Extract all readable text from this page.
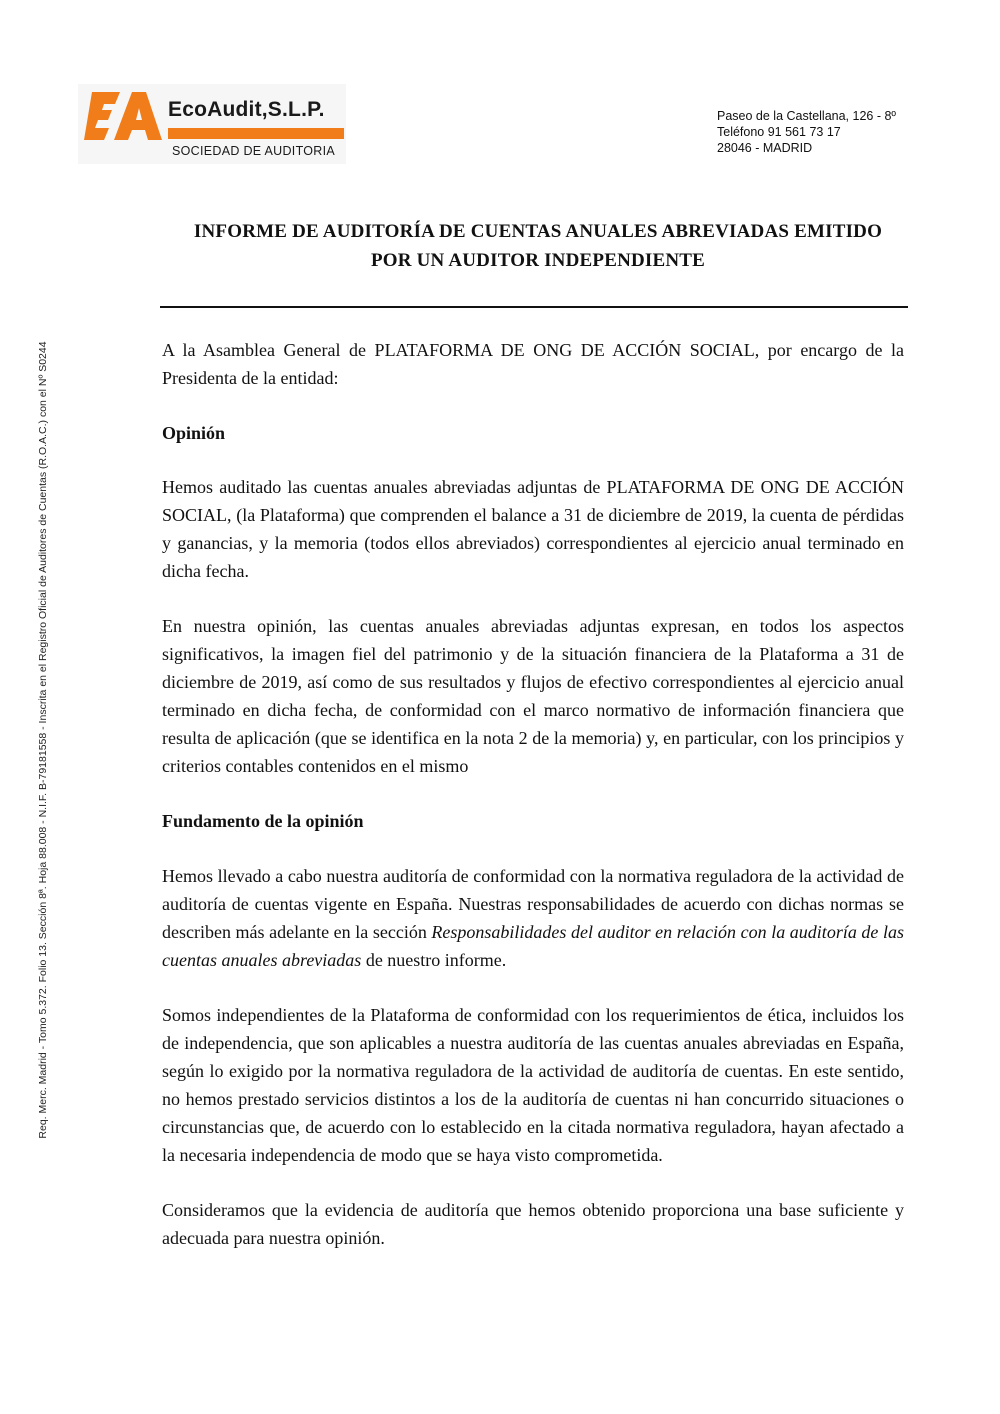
EcoAudit,S.L.P.
SOCIEDAD DE AUDITORIA
Paseo de la Castellana, 126 - 8º
Teléfono 91 561 73 17
28046 - MADRID
Req. Merc. Madrid - Tomo 5.372. Folio 13. Sección 8ª. Hoja 88.008 - N.I.F. B-79181558 - Inscrita en el Registro Oficial de Auditores de Cuentas (R.O.A.C.) con el Nº S0244
INFORME DE AUDITORÍA DE CUENTAS ANUALES ABREVIADAS EMITIDO
POR UN AUDITOR INDEPENDIENTE

A la Asamblea General de PLATAFORMA DE ONG DE ACCIÓN SOCIAL, por encargo de la Presidenta de la entidad:

Opinión

Hemos auditado las cuentas anuales abreviadas adjuntas de PLATAFORMA DE ONG DE ACCIÓN SOCIAL, (la Plataforma) que comprenden el balance a 31 de diciembre de 2019, la cuenta de pérdidas y ganancias, y la memoria (todos ellos abreviados) correspondientes al ejercicio anual terminado en dicha fecha.

En nuestra opinión, las cuentas anuales abreviadas adjuntas expresan, en todos los aspectos significativos, la imagen fiel del patrimonio y de la situación financiera de la Plataforma a 31 de diciembre de 2019, así como de sus resultados y flujos de efectivo correspondientes al ejercicio anual terminado en dicha fecha, de conformidad con el marco normativo de información financiera que resulta de aplicación (que se identifica en la nota 2 de la memoria) y, en particular, con los principios y criterios contables contenidos en el mismo

Fundamento de la opinión

Hemos llevado a cabo nuestra auditoría de conformidad con la normativa reguladora de la actividad de auditoría de cuentas vigente en España. Nuestras responsabilidades de acuerdo con dichas normas se describen más adelante en la sección Responsabilidades del auditor en relación con la auditoría de las cuentas anuales abreviadas de nuestro informe.

Somos independientes de la Plataforma de conformidad con los requerimientos de ética, incluidos los de independencia, que son aplicables a nuestra auditoría de las cuentas anuales abreviadas en España, según lo exigido por la normativa reguladora de la actividad de auditoría de cuentas. En este sentido, no hemos prestado servicios distintos a los de la auditoría de cuentas ni han concurrido situaciones o circunstancias que, de acuerdo con lo establecido en la citada normativa reguladora, hayan afectado a la necesaria independencia de modo que se haya visto comprometida.

Consideramos que la evidencia de auditoría que hemos obtenido proporciona una base suficiente y adecuada para nuestra opinión.
